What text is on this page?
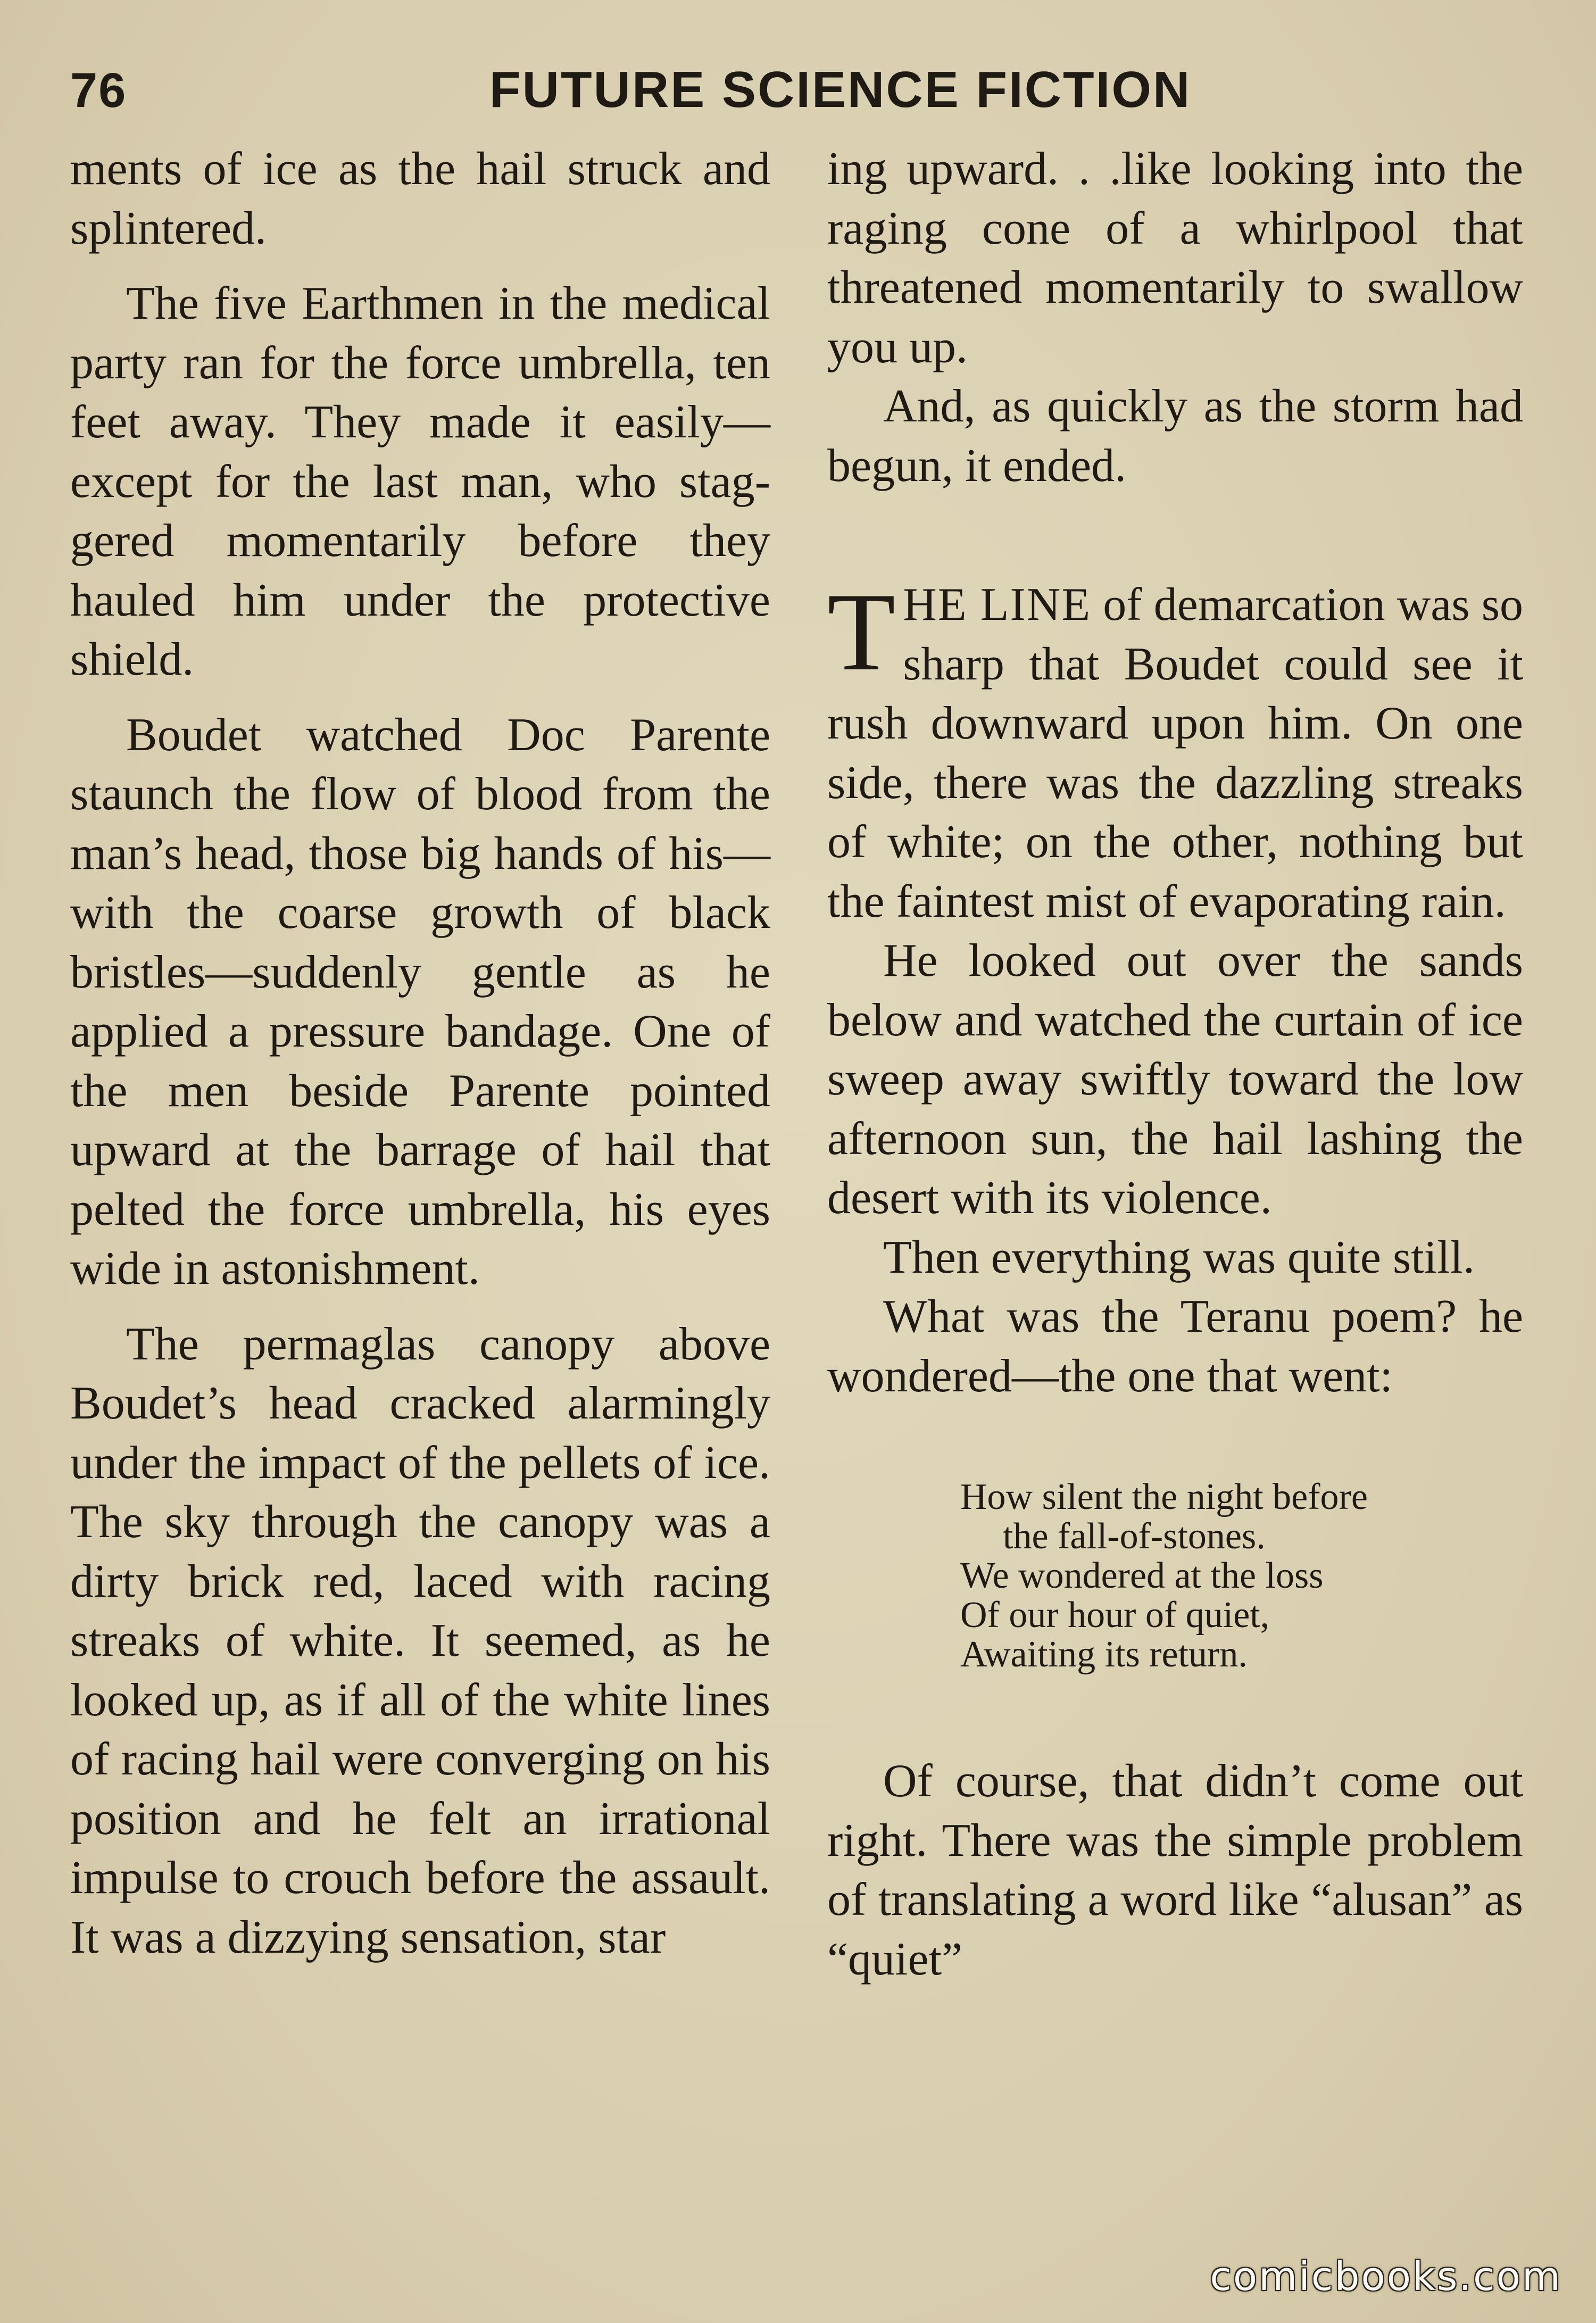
76	FUTURE SCIENCE FICTION

ments of ice as the hail struck and splintered.

The five Earthmen in the medical party ran for the force umbrella, ten feet away. They made it easily—except for the last man, who staggered momentarily before they hauled him under the protective shield.

Boudet watched Doc Parente staunch the flow of blood from the man’s head, those big hands of his—with the coarse growth of black bristles—suddenly gentle as he applied a pressure bandage. One of the men beside Parente pointed upward at the barrage of hail that pelted the force umbrella, his eyes wide in astonishment.

The permaglas canopy above Boudet’s head cracked alarmingly under the impact of the pellets of ice. The sky through the canopy was a dirty brick red, laced with racing streaks of white. It seemed, as he looked up, as if all of the white lines of racing hail were converging on his position and he felt an irrational impulse to crouch before the assault. It was a dizzying sensation, star

ing upward. . .like looking into the raging cone of a whirlpool that threatened momentarily to swallow you up.

And, as quickly as the storm had begun, it ended.

THE LINE of demarcation was so sharp that Boudet could see it rush downward upon him. On one side, there was the dazzling streaks of white; on the other, nothing but the faintest mist of evaporating rain.

He looked out over the sands below and watched the curtain of ice sweep away swiftly toward the low afternoon sun, the hail lashing the desert with its violence.

Then everything was quite still.

What was the Teranu poem? he wondered—the one that went:

How silent the night before
the fall-of-stones.
We wondered at the loss
Of our hour of quiet,
Awaiting its return.

Of course, that didn’t come out right. There was the simple problem of translating a word like “alusan” as “quiet”

comicbooks.com
